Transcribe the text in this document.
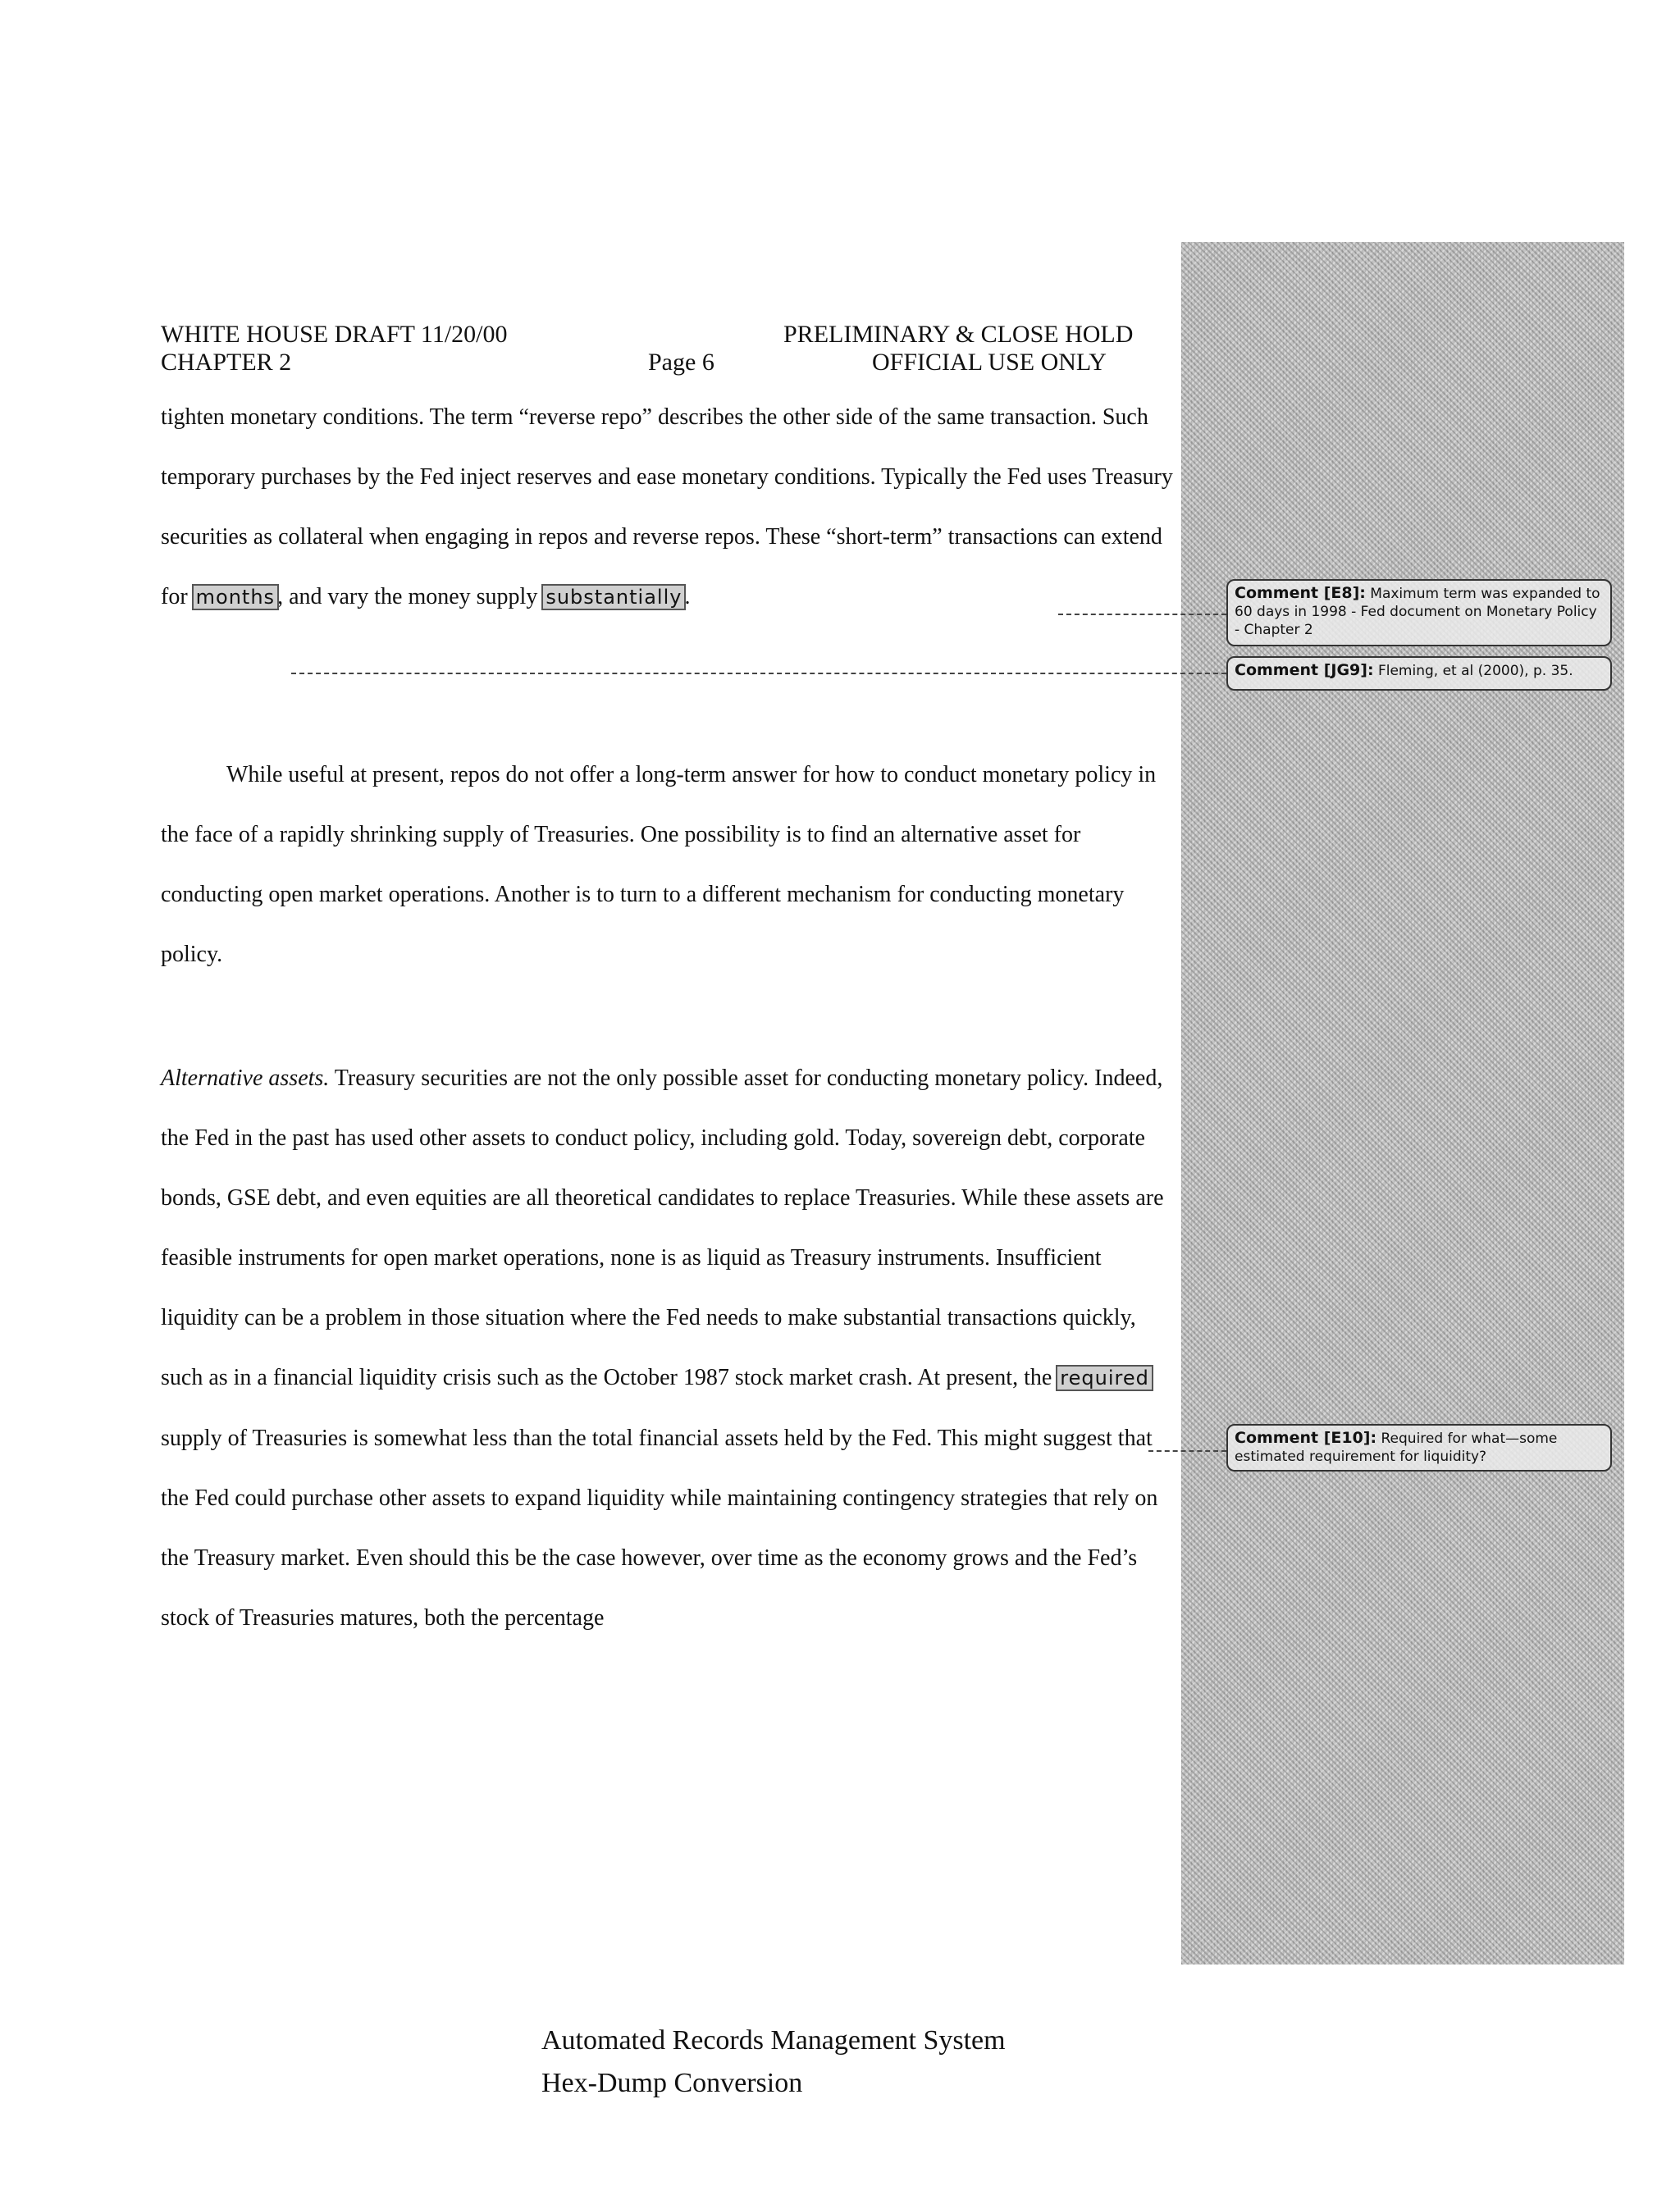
WHITE HOUSE DRAFT 11/20/00
CHAPTER 2	Page 6
PRELIMINARY & CLOSE HOLD
OFFICIAL USE ONLY

tighten monetary conditions. The term “reverse repo” describes the other side of the same transaction. Such temporary purchases by the Fed inject reserves and ease monetary conditions. Typically the Fed uses Treasury securities as collateral when engaging in repos and reverse repos. These “short-term” transactions can extend for months , and vary the money supply substantially .

While useful at present, repos do not offer a long-term answer for how to conduct monetary policy in the face of a rapidly shrinking supply of Treasuries. One possibility is to find an alternative asset for conducting open market operations. Another is to turn to a different mechanism for conducting monetary policy.

Alternative assets. Treasury securities are not the only possible asset for conducting monetary policy. Indeed, the Fed in the past has used other assets to conduct policy, including gold. Today, sovereign debt, corporate bonds, GSE debt, and even equities are all theoretical candidates to replace Treasuries. While these assets are feasible instruments for open market operations, none is as liquid as Treasury instruments. Insufficient liquidity can be a problem in those situation where the Fed needs to make substantial transactions quickly, such as in a financial liquidity crisis such as the October 1987 stock market crash. At present, the required supply of Treasuries is somewhat less than the total financial assets held by the Fed. This might suggest that the Fed could purchase other assets to expand liquidity while maintaining contingency strategies that rely on the Treasury market. Even should this be the case however, over time as the economy grows and the Fed’s stock of Treasuries matures, both the percentage

Comment [E8]: Maximum term was expanded to 60 days in 1998 - Fed document on Monetary Policy - Chapter 2
Comment [JG9]: Fleming, et al (2000), p. 35.
Comment [E10]: Required for what—some estimated requirement for liquidity?
Automated Records Management System
Hex-Dump Conversion
